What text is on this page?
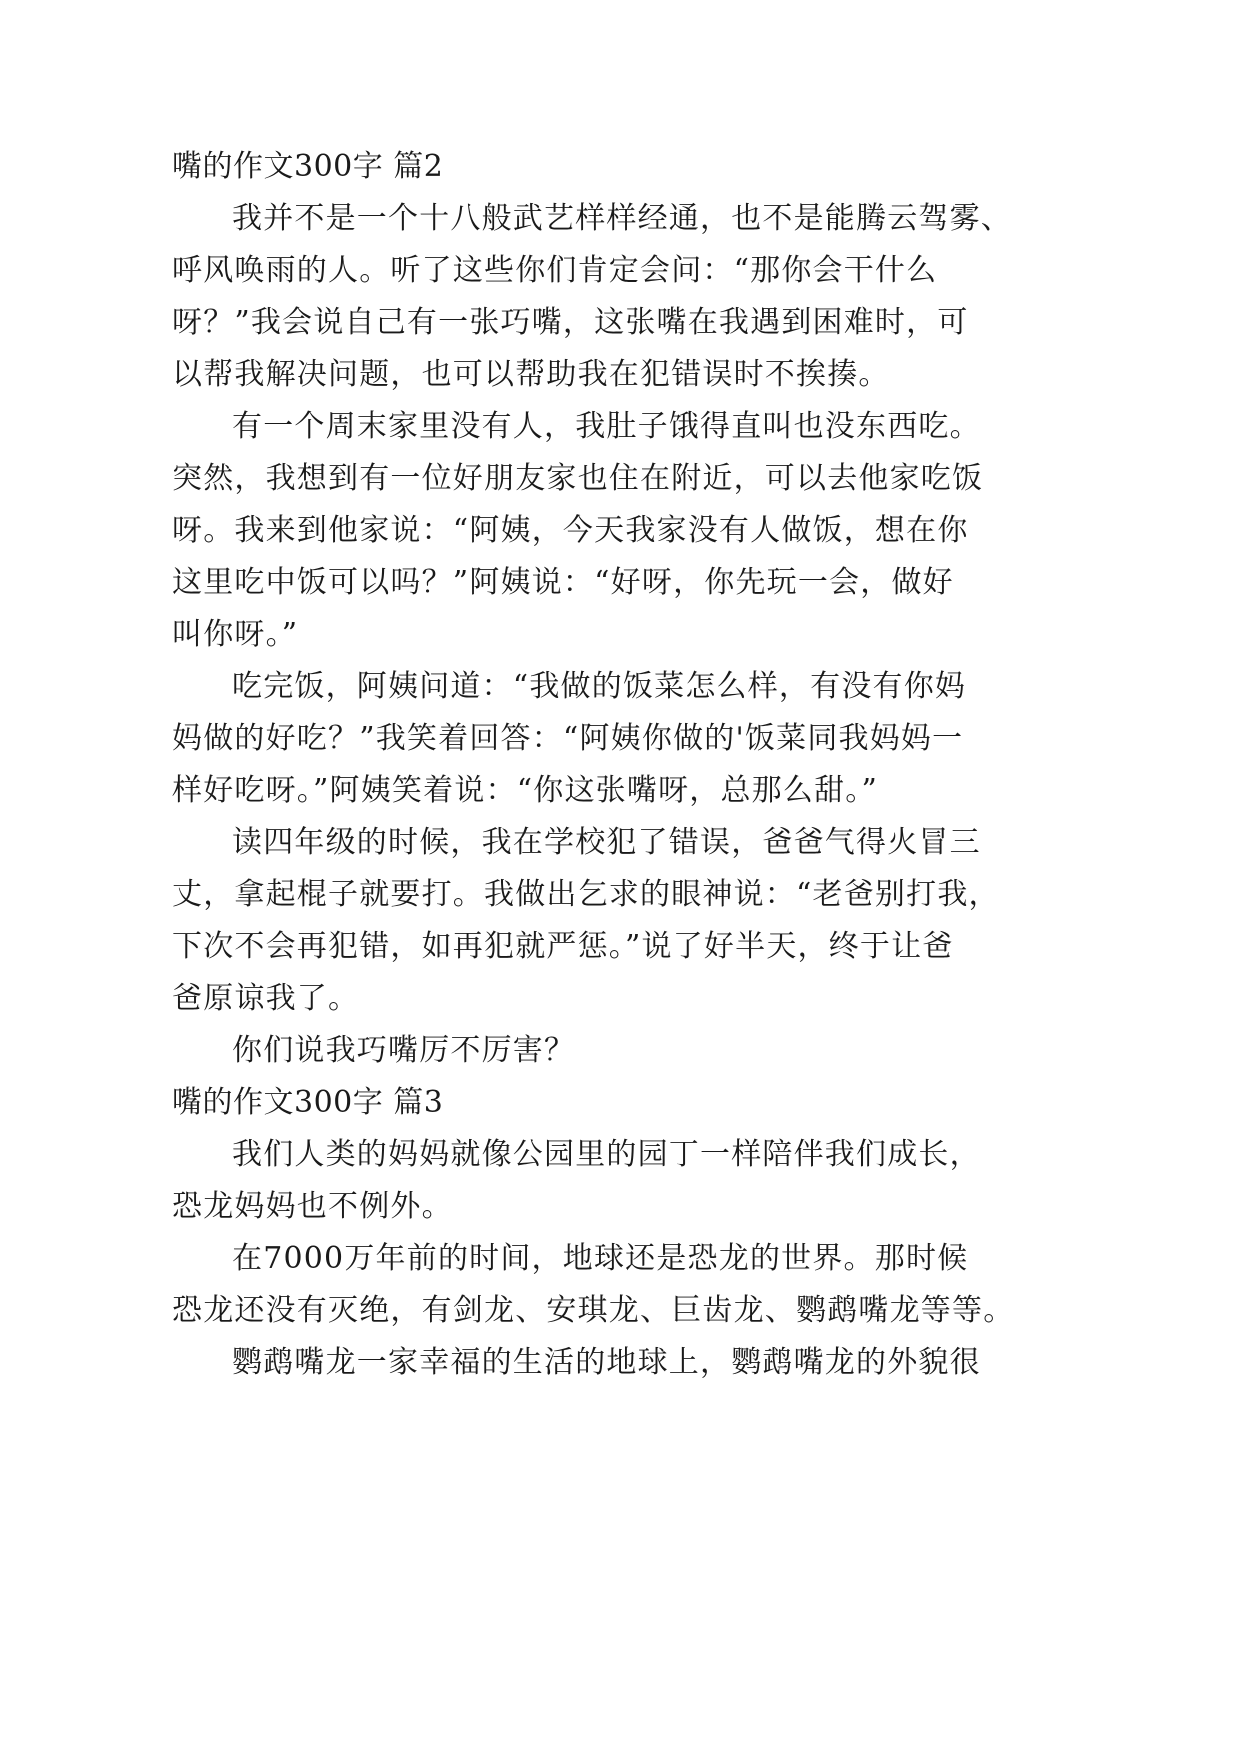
嘴的作文300字 篇2

我并不是一个十八般武艺样样经通，也不是能腾云驾雾、

呼风唤雨的人。听了这些你们肯定会问：“那你会干什么

呀？”我会说自己有一张巧嘴，这张嘴在我遇到困难时，可

以帮我解决问题，也可以帮助我在犯错误时不挨揍。

有一个周末家里没有人，我肚子饿得直叫也没东西吃。

突然，我想到有一位好朋友家也住在附近，可以去他家吃饭

呀。我来到他家说：“阿姨，今天我家没有人做饭，想在你

这里吃中饭可以吗？”阿姨说：“好呀，你先玩一会，做好

叫你呀。”

吃完饭，阿姨问道：“我做的饭菜怎么样，有没有你妈

妈做的好吃？”我笑着回答：“阿姨你做的'饭菜同我妈妈一

样好吃呀。”阿姨笑着说：“你这张嘴呀，总那么甜。”

读四年级的时候，我在学校犯了错误，爸爸气得火冒三

丈，拿起棍子就要打。我做出乞求的眼神说：“老爸别打我，

下次不会再犯错，如再犯就严惩。”说了好半天，终于让爸

爸原谅我了。

你们说我巧嘴厉不厉害？

嘴的作文300字 篇3

我们人类的妈妈就像公园里的园丁一样陪伴我们成长，

恐龙妈妈也不例外。

在7000万年前的时间，地球还是恐龙的世界。那时候

恐龙还没有灭绝，有剑龙、安琪龙、巨齿龙、鹦鹉嘴龙等等。

鹦鹉嘴龙一家幸福的生活的地球上，鹦鹉嘴龙的外貌很
